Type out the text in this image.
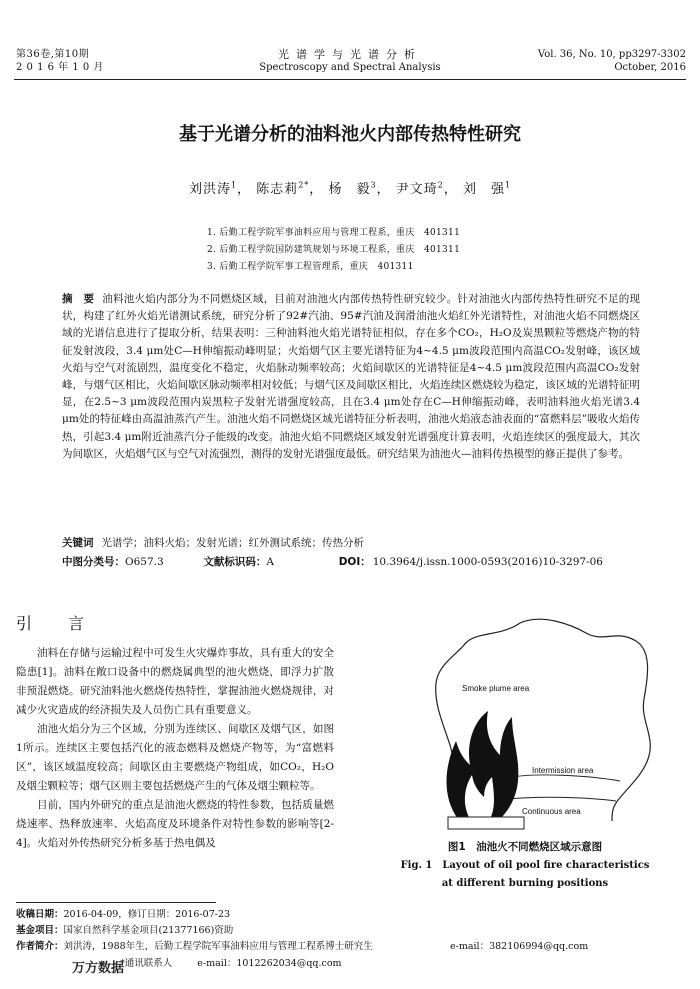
第36卷,第10期
2 0 1 6 年 1 0 月
光谱学与光谱分析
Spectroscopy and Spectral Analysis
Vol. 36, No. 10, pp3297-3302
October, 2016
基于光谱分析的油料池火内部传热特性研究
刘洪涛$^1$， 陈志莉$^{2*}$， 杨　毅$^3$， 尹文琦$^2$， 刘　强$^1$
1. 后勤工程学院军事油料应用与管理工程系，重庆　401311
2. 后勤工程学院国防建筑规划与环境工程系，重庆　401311
3. 后勤工程学院军事工程管理系，重庆　401311
摘　要 油料池火焰内部分为不同燃烧区域，目前对油池火内部传热特性研究较少。针对油池火内部传热特性研究不足的现状，构建了红外火焰光谱测试系统，研究分析了92#汽油、95#汽油及润滑油池火焰红外光谱特性，对油池火焰不同燃烧区域的光谱信息进行了提取分析，结果表明：三种油料池火焰光谱特征相似，存在多个CO₂，H₂O及炭黑颗粒等燃烧产物的特征发射波段，3.4 μm处C—H伸缩振动峰明显；火焰烟气区主要光谱特征为4~4.5 μm波段范围内高温CO₂发射峰，该区域火焰与空气对流剧烈，温度变化不稳定，火焰脉动频率较高；火焰间歇区的光谱特征是4~4.5 μm波段范围内高温CO₂发射峰，与烟气区相比，火焰间歇区脉动频率相对较低；与烟气区及间歇区相比，火焰连续区燃烧较为稳定，该区域的光谱特征明显，在2.5~3 μm波段范围内炭黑粒子发射光谱强度较高，且在3.4 μm处存在C—H伸缩振动峰，表明油料池火焰光谱3.4 μm处的特征峰由高温油蒸汽产生。油池火焰不同燃烧区域光谱特征分析表明，油池火焰液态油表面的“富燃料层”吸收火焰传热，引起3.4 μm附近油蒸汽分子能级的改变。油池火焰不同燃烧区域发射光谱强度计算表明，火焰连续区的强度最大，其次为间歇区，火焰烟气区与空气对流强烈，测得的发射光谱强度最低。研究结果为油池火—油料传热模型的修正提供了参考。
关键词 光谱学；油料火焰；发射光谱；红外测试系统；传热分析
中图分类号：O657.3	文献标识码：A	DOI： 10.3964/j.issn.1000-0593(2016)10-3297-06
引　言

油料在存储与运输过程中可发生火灾爆炸事故，具有重大的安全隐患[1]。油料在敞口设备中的燃烧属典型的池火燃烧，即浮力扩散非预混燃烧。研究油料池火燃烧传热特性，掌握油池火燃烧规律，对减少火灾造成的经济损失及人员伤亡具有重要意义。

油池火焰分为三个区域，分别为连续区、间歇区及烟气区，如图1所示。连续区主要包括汽化的液态燃料及燃烧产物等，为“富燃料区”，该区域温度较高；间歇区由主要燃烧产物组成，如CO₂，H₂O及烟尘颗粒等；烟气区则主要包括燃烧产生的气体及烟尘颗粒等。

目前，国内外研究的重点是油池火燃烧的特性参数，包括质量燃烧速率、热释放速率、火焰高度及环境条件对特性参数的影响等[2-4]。火焰对外传热研究分析多基于热电偶及

Smoke plume area
Intermission area
Continuous area
图1　油池火不同燃烧区域示意图
Fig. 1　Layout of oil pool fire characteristics
at different burning positions
收稿日期：2016-04-09，修订日期：2016-07-23
基金项目：国家自然科学基金项目(21377166)资助
作者简介：刘洪涛，1988年生，后勤工程学院军事油料应用与管理工程系博士研究生	e-mail：382106994@qq.com
*通讯联系人	e-mail：1012262034@qq.com
万方数据
